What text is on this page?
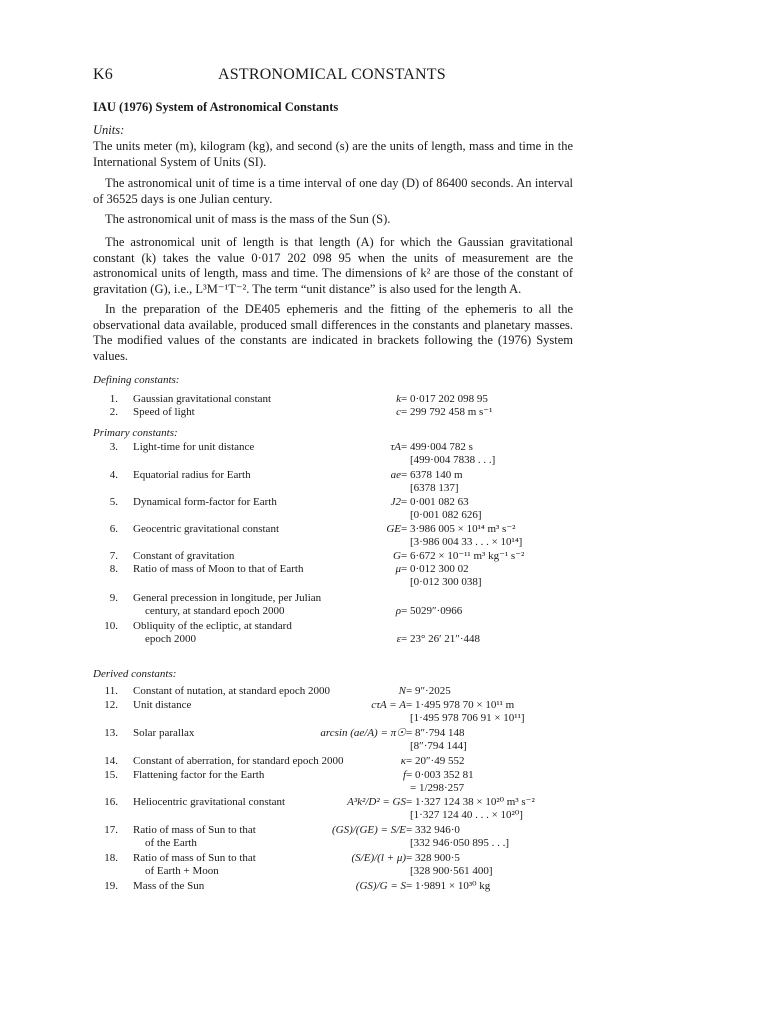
K6	ASTRONOMICAL CONSTANTS
IAU (1976) System of Astronomical Constants
Units:
The units meter (m), kilogram (kg), and second (s) are the units of length, mass and time in the International System of Units (SI).
The astronomical unit of time is a time interval of one day (D) of 86400 seconds. An interval of 36525 days is one Julian century.
The astronomical unit of mass is the mass of the Sun (S).
The astronomical unit of length is that length (A) for which the Gaussian gravitational constant (k) takes the value 0·017 202 098 95 when the units of measurement are the astronomical units of length, mass and time. The dimensions of k² are those of the constant of gravitation (G), i.e., L³M⁻¹T⁻². The term “unit distance” is also used for the length A.
In the preparation of the DE405 ephemeris and the fitting of the ephemeris to all the observational data available, produced small differences in the constants and planetary masses. The modified values of the constants are indicated in brackets following the (1976) System values.
Defining constants:
Primary constants:
Derived constants:
1. Gaussian gravitational constant	k = 0·017 202 098 95
2. Speed of light	c = 299 792 458 m s⁻¹
3. Light-time for unit distance	τA = 499·004 782 s
[499·004 7838 . . .]
4. Equatorial radius for Earth	ae = 6378 140 m
[6378 137]
5. Dynamical form-factor for Earth	J2 = 0·001 082 63
[0·001 082 626]
6. Geocentric gravitational constant	GE = 3·986 005 × 10¹⁴ m³ s⁻²
[3·986 004 33 . . . × 10¹⁴]
7. Constant of gravitation	G = 6·672 × 10⁻¹¹ m³ kg⁻¹ s⁻²
8. Ratio of mass of Moon to that of Earth	μ = 0·012 300 02
[0·012 300 038]
9. General precession in longitude, per Julian
century, at standard epoch 2000	ρ = 5029″·0966
10. Obliquity of the ecliptic, at standard
epoch 2000	ε = 23° 26′ 21″·448
11. Constant of nutation, at standard epoch 2000	N = 9″·2025
12. Unit distance	cτA = A = 1·495 978 70 × 10¹¹ m
[1·495 978 706 91 × 10¹¹]
13. Solar parallax	arcsin (ae/A) = π☉ = 8″·794 148
[8″·794 144]
14. Constant of aberration, for standard epoch 2000	κ = 20″·49 552
15. Flattening factor for the Earth	f = 0·003 352 81
= 1/298·257
16. Heliocentric gravitational constant	A³k²/D² = GS = 1·327 124 38 × 10²⁰ m³ s⁻²
[1·327 124 40 . . . × 10²⁰]
17. Ratio of mass of Sun to that
of the Earth
(GS)/(GE) = S/E = 332 946·0
[332 946·050 895 . . .]
18. Ratio of mass of Sun to that
of Earth + Moon
(S/E)/(l + μ) = 328 900·5
[328 900·561 400]
19. Mass of the Sun	(GS)/G = S = 1·9891 × 10³⁰ kg
